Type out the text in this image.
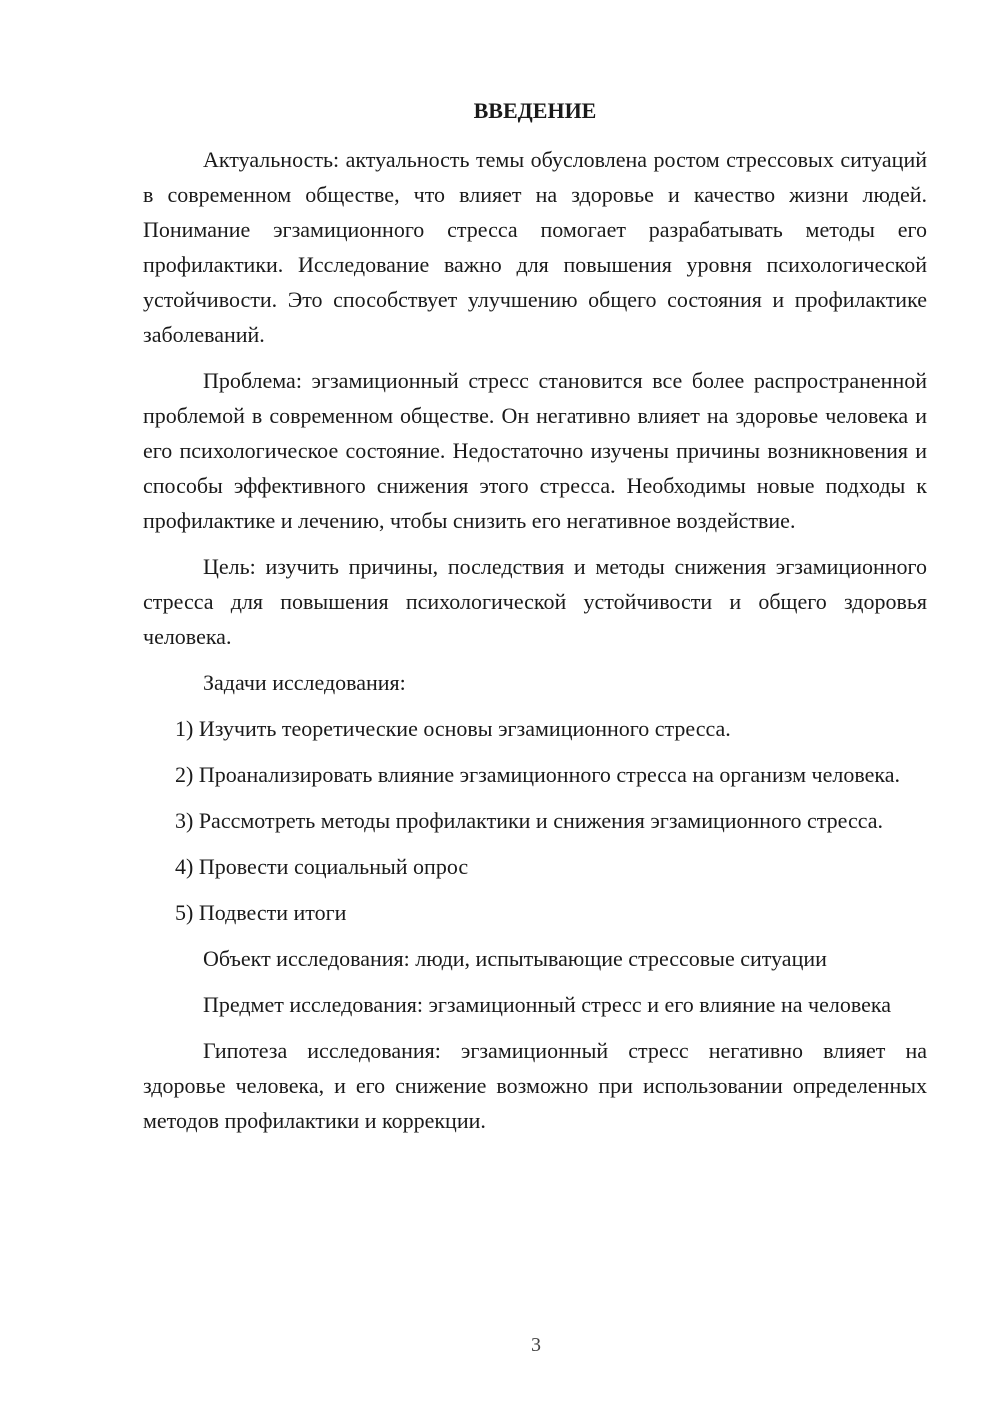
ВВЕДЕНИЕ

Актуальность: актуальность темы обусловлена ростом стрессовых ситуаций в современном обществе, что влияет на здоровье и качество жизни людей. Понимание эгзамиционного стресса помогает разрабатывать методы его профилактики. Исследование важно для повышения уровня психологической устойчивости. Это способствует улучшению общего состояния и профилактике заболеваний.

Проблема: эгзамиционный стресс становится все более распространенной проблемой в современном обществе. Он негативно влияет на здоровье человека и его психологическое состояние. Недостаточно изучены причины возникновения и способы эффективного снижения этого стресса. Необходимы новые подходы к профилактике и лечению, чтобы снизить его негативное воздействие.

Цель: изучить причины, последствия и методы снижения эгзамиционного стресса для повышения психологической устойчивости и общего здоровья человека.

Задачи исследования:

1) Изучить теоретические основы эгзамиционного стресса.

2) Проанализировать влияние эгзамиционного стресса на организм человека.

3) Рассмотреть методы профилактики и снижения эгзамиционного стресса.

4) Провести социальный опрос

5) Подвести итоги

Объект исследования: люди, испытывающие стрессовые ситуации

Предмет исследования: эгзамиционный стресс и его влияние на человека

Гипотеза исследования: эгзамиционный стресс негативно влияет на здоровье человека, и его снижение возможно при использовании определенных методов профилактики и коррекции.

3
